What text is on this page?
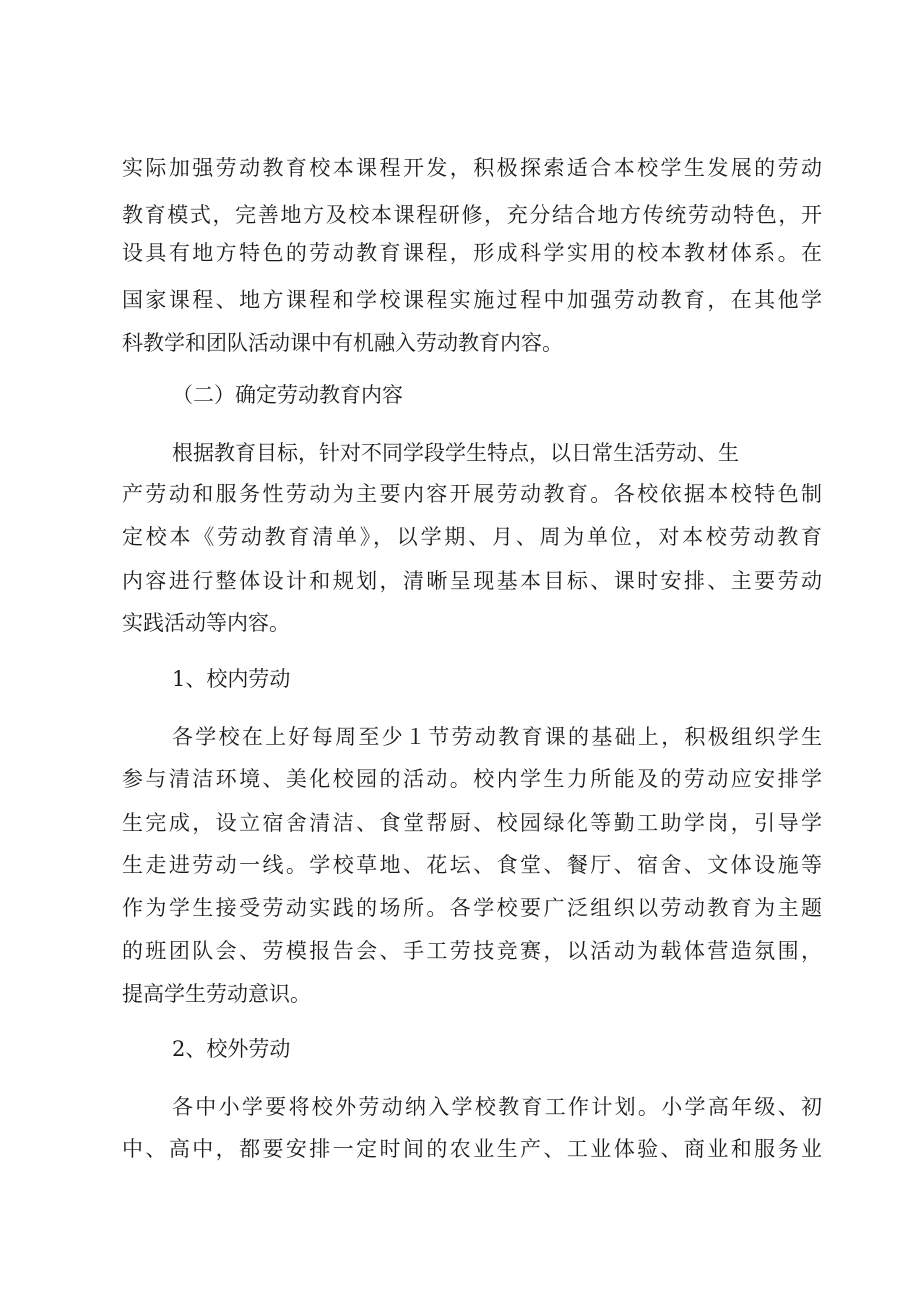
实际加强劳动教育校本课程开发，积极探索适合本校学生发展的劳动
教育模式，完善地方及校本课程研修，充分结合地方传统劳动特色，开
设具有地方特色的劳动教育课程，形成科学实用的校本教材体系。在
国家课程、地方课程和学校课程实施过程中加强劳动教育，在其他学
科教学和团队活动课中有机融入劳动教育内容。
（二）确定劳动教育内容
根据教育目标，针对不同学段学生特点，以日常生活劳动、生
产劳动和服务性劳动为主要内容开展劳动教育。各校依据本校特色制
定校本《劳动教育清单》，以学期、月、周为单位，对本校劳动教育
内容进行整体设计和规划，清晰呈现基本目标、课时安排、主要劳动
实践活动等内容。
1、校内劳动
各学校在上好每周至少１节劳动教育课的基础上，积极组织学生
参与清洁环境、美化校园的活动。校内学生力所能及的劳动应安排学
生完成，设立宿舍清洁、食堂帮厨、校园绿化等勤工助学岗，引导学
生走进劳动一线。学校草地、花坛、食堂、餐厅、宿舍、文体设施等
作为学生接受劳动实践的场所。各学校要广泛组织以劳动教育为主题
的班团队会、劳模报告会、手工劳技竞赛，以活动为载体营造氛围，
提高学生劳动意识。
2、校外劳动
各中小学要将校外劳动纳入学校教育工作计划。小学高年级、初
中、高中，都要安排一定时间的农业生产、工业体验、商业和服务业
